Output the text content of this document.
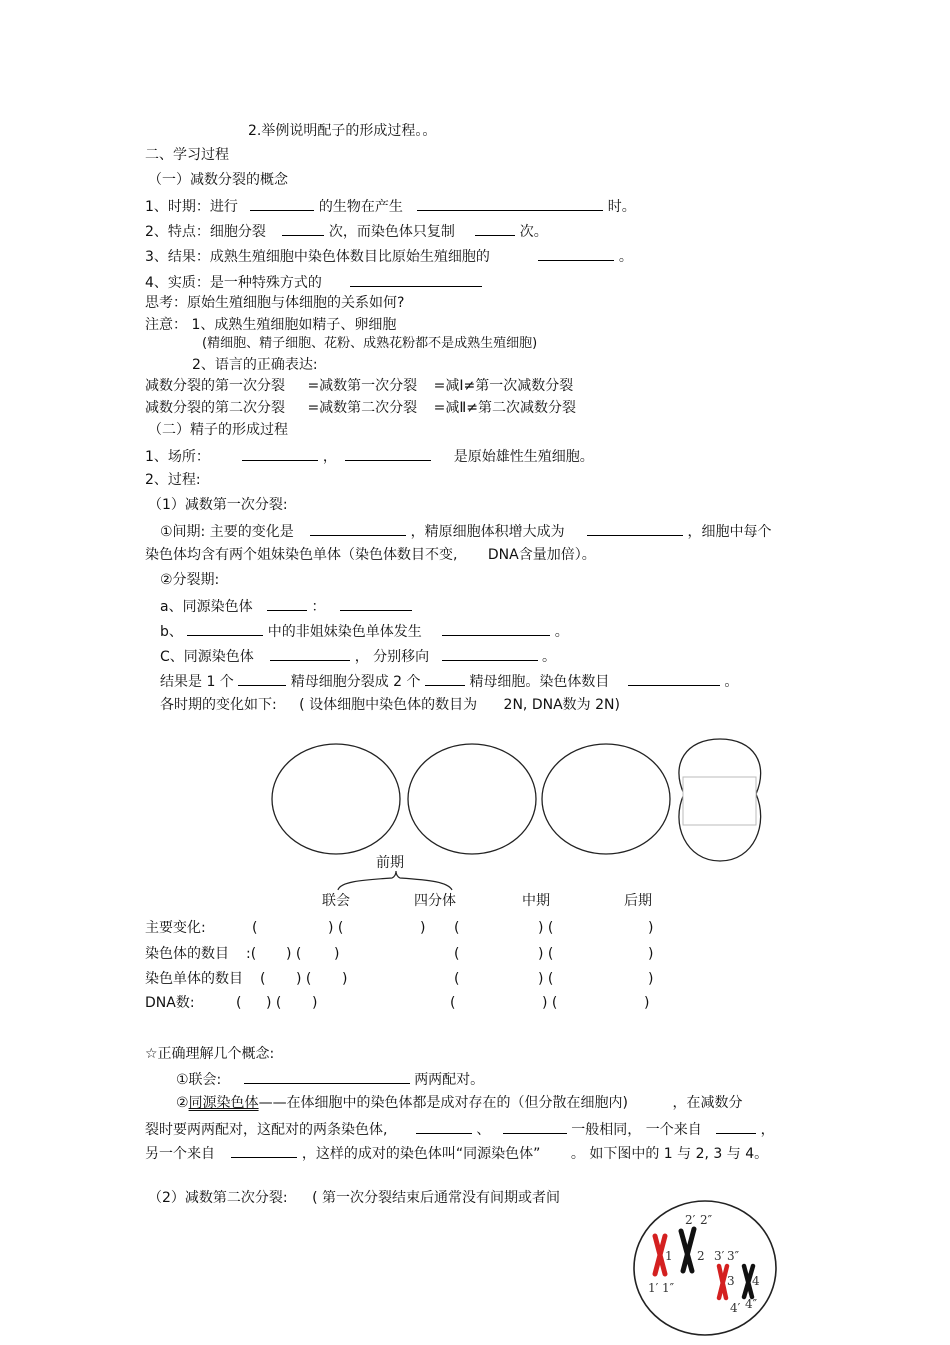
2.举例说明配子的形成过程。。
二、学习过程
（一）减数分裂的概念
1、时期：进行	的生物在产生	时。
2、特点：细胞分裂	次，而染色体只复制	次。
3、结果：成熟生殖细胞中染色体数目比原始生殖细胞的	。
4、实质：是一种特殊方式的
思考：原始生殖细胞与体细胞的关系如何?
注意： 1、成熟生殖细胞如精子、卵细胞
(精细胞、精子细胞、花粉、成熟花粉都不是成熟生殖细胞)
2、语言的正确表达:
减数分裂的第一次分裂 =减数第一次分裂 =减Ⅰ≠第一次减数分裂
减数分裂的第二次分裂 =减数第二次分裂 =减Ⅱ≠第二次减数分裂
（二）精子的形成过程
1、场所：	，	是原始雄性生殖细胞。
2、过程:
（1）减数第一次分裂:
①间期: 主要的变化是	，精原细胞体积增大成为	，细胞中每个
染色体均含有两个姐妹染色单体（染色体数目不变, DNA含量加倍）。
②分裂期:
a、同源染色体	：
b、	中的非姐妹染色单体发生	。
C、同源染色体	， 分别移向	。
结果是 1 个	精母细胞分裂成 2 个	精母细胞。染色体数目	。
各时期的变化如下: ( 设体细胞中染色体的数目为 2N, DNA数为 2N)
前期
联会	四分体	中期	后期
主要变化:	(	) (	) (	) (	)
染色体的数目 :( ) ( )	(	) (	)
染色单体的数目 ( ) ( )	(	) (	)
DNA数:	( ) ( )	(	) (	)
☆正确理解几个概念:
①联会:	两两配对。
②同源染色体——在体细胞中的染色体都是成对存在的（但分散在细胞内)	，在减数分
裂时要两两配对，这配对的两条染色体,	、	一般相同， 一个来自	，
另一个来自	，这样的成对的染色体叫“同源染色体” 。 如下图中的 1 与 2, 3 与 4。
（2）减数第二次分裂: ( 第一次分裂结束后通常没有间期或者间
1
1′ 1″
2
2′ 2″
3
3′ 3″
4
4′ 4″
